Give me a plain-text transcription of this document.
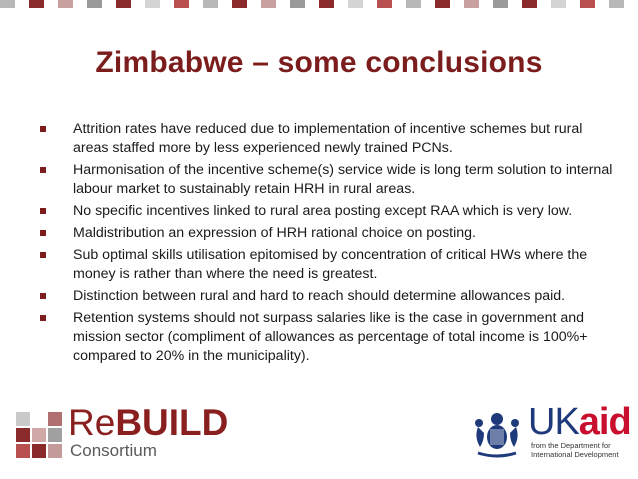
Zimbabwe – some conclusions
Attrition rates have reduced due to implementation of incentive schemes but rural areas staffed more by less experienced newly trained PCNs.
Harmonisation of the incentive scheme(s) service wide is long term solution to internal labour market to sustainably retain HRH in rural areas.
No specific incentives linked to rural area posting except RAA which is very low.
Maldistribution an expression of HRH rational choice on posting.
Sub optimal skills utilisation epitomised by concentration of critical HWs where the money is rather than where the need is greatest.
Distinction between rural and hard to reach should determine allowances paid.
Retention systems should not surpass salaries like is the case in government and mission sector (compliment of allowances as percentage of total income is 100%+ compared to 20% in the municipality).
ReBUILD
Consortium
UKaid
from the Department for International Development
